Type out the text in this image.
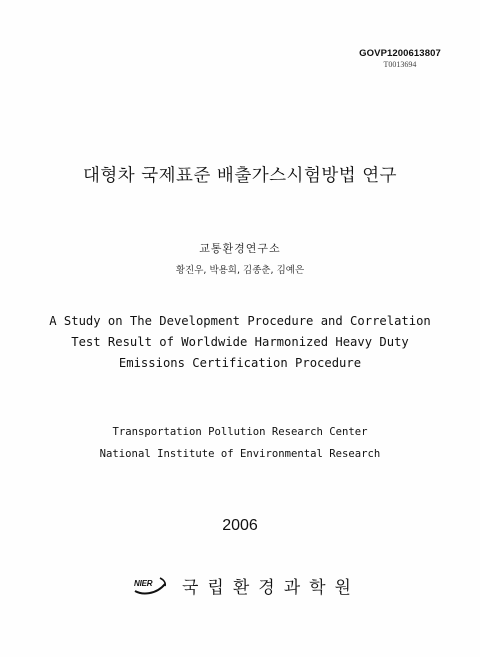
GOVP1200613807
T0013694
대형차 국제표준 배출가스시험방법 연구
교통환경연구소
황진우, 박용희, 김종춘, 김예은
A Study on The Development Procedure and Correlation
Test Result of Worldwide Harmonized Heavy Duty
Emissions Certification Procedure
Transportation Pollution Research Center
National Institute of Environmental Research
2006
NIER 국립환경과학원
